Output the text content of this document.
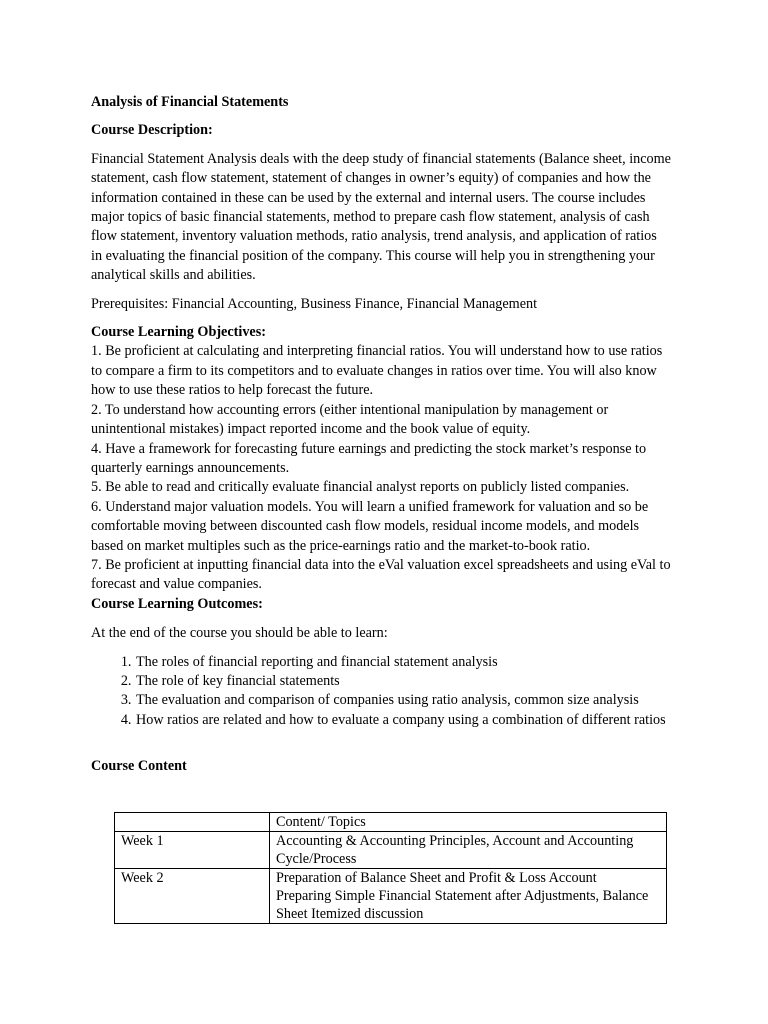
Analysis of Financial Statements

Course Description:

Financial Statement Analysis deals with the deep study of financial statements (Balance sheet, income statement, cash flow statement, statement of changes in owner’s equity) of companies and how the information contained in these can be used by the external and internal users. The course includes major topics of basic financial statements, method to prepare cash flow statement, analysis of cash flow statement, inventory valuation methods, ratio analysis, trend analysis, and application of ratios in evaluating the financial position of the company. This course will help you in strengthening your analytical skills and abilities.

Prerequisites: Financial Accounting, Business Finance, Financial Management

Course Learning Objectives:

1. Be proficient at calculating and interpreting financial ratios. You will understand how to use ratios to compare a firm to its competitors and to evaluate changes in ratios over time. You will also know how to use these ratios to help forecast the future.

2. To understand how accounting errors (either intentional manipulation by management or unintentional mistakes) impact reported income and the book value of equity.

4. Have a framework for forecasting future earnings and predicting the stock market’s response to quarterly earnings announcements.

5. Be able to read and critically evaluate financial analyst reports on publicly listed companies.

6. Understand major valuation models. You will learn a unified framework for valuation and so be comfortable moving between discounted cash flow models, residual income models, and models based on market multiples such as the price-earnings ratio and the market-to-book ratio.

7. Be proficient at inputting financial data into the eVal valuation excel spreadsheets and using eVal to forecast and value companies.

Course Learning Outcomes:

At the end of the course you should be able to learn:

1. The roles of financial reporting and financial statement analysis
2. The role of key financial statements
3. The evaluation and comparison of companies using ratio analysis, common size analysis
4. How ratios are related and how to evaluate a company using a combination of different ratios

Course Content

	Content/ Topics
Week 1	Accounting & Accounting Principles, Account and Accounting Cycle/Process

Week 2	Preparation of Balance Sheet and Profit & Loss Account
Preparing Simple Financial Statement after Adjustments, Balance Sheet Itemized discussion
